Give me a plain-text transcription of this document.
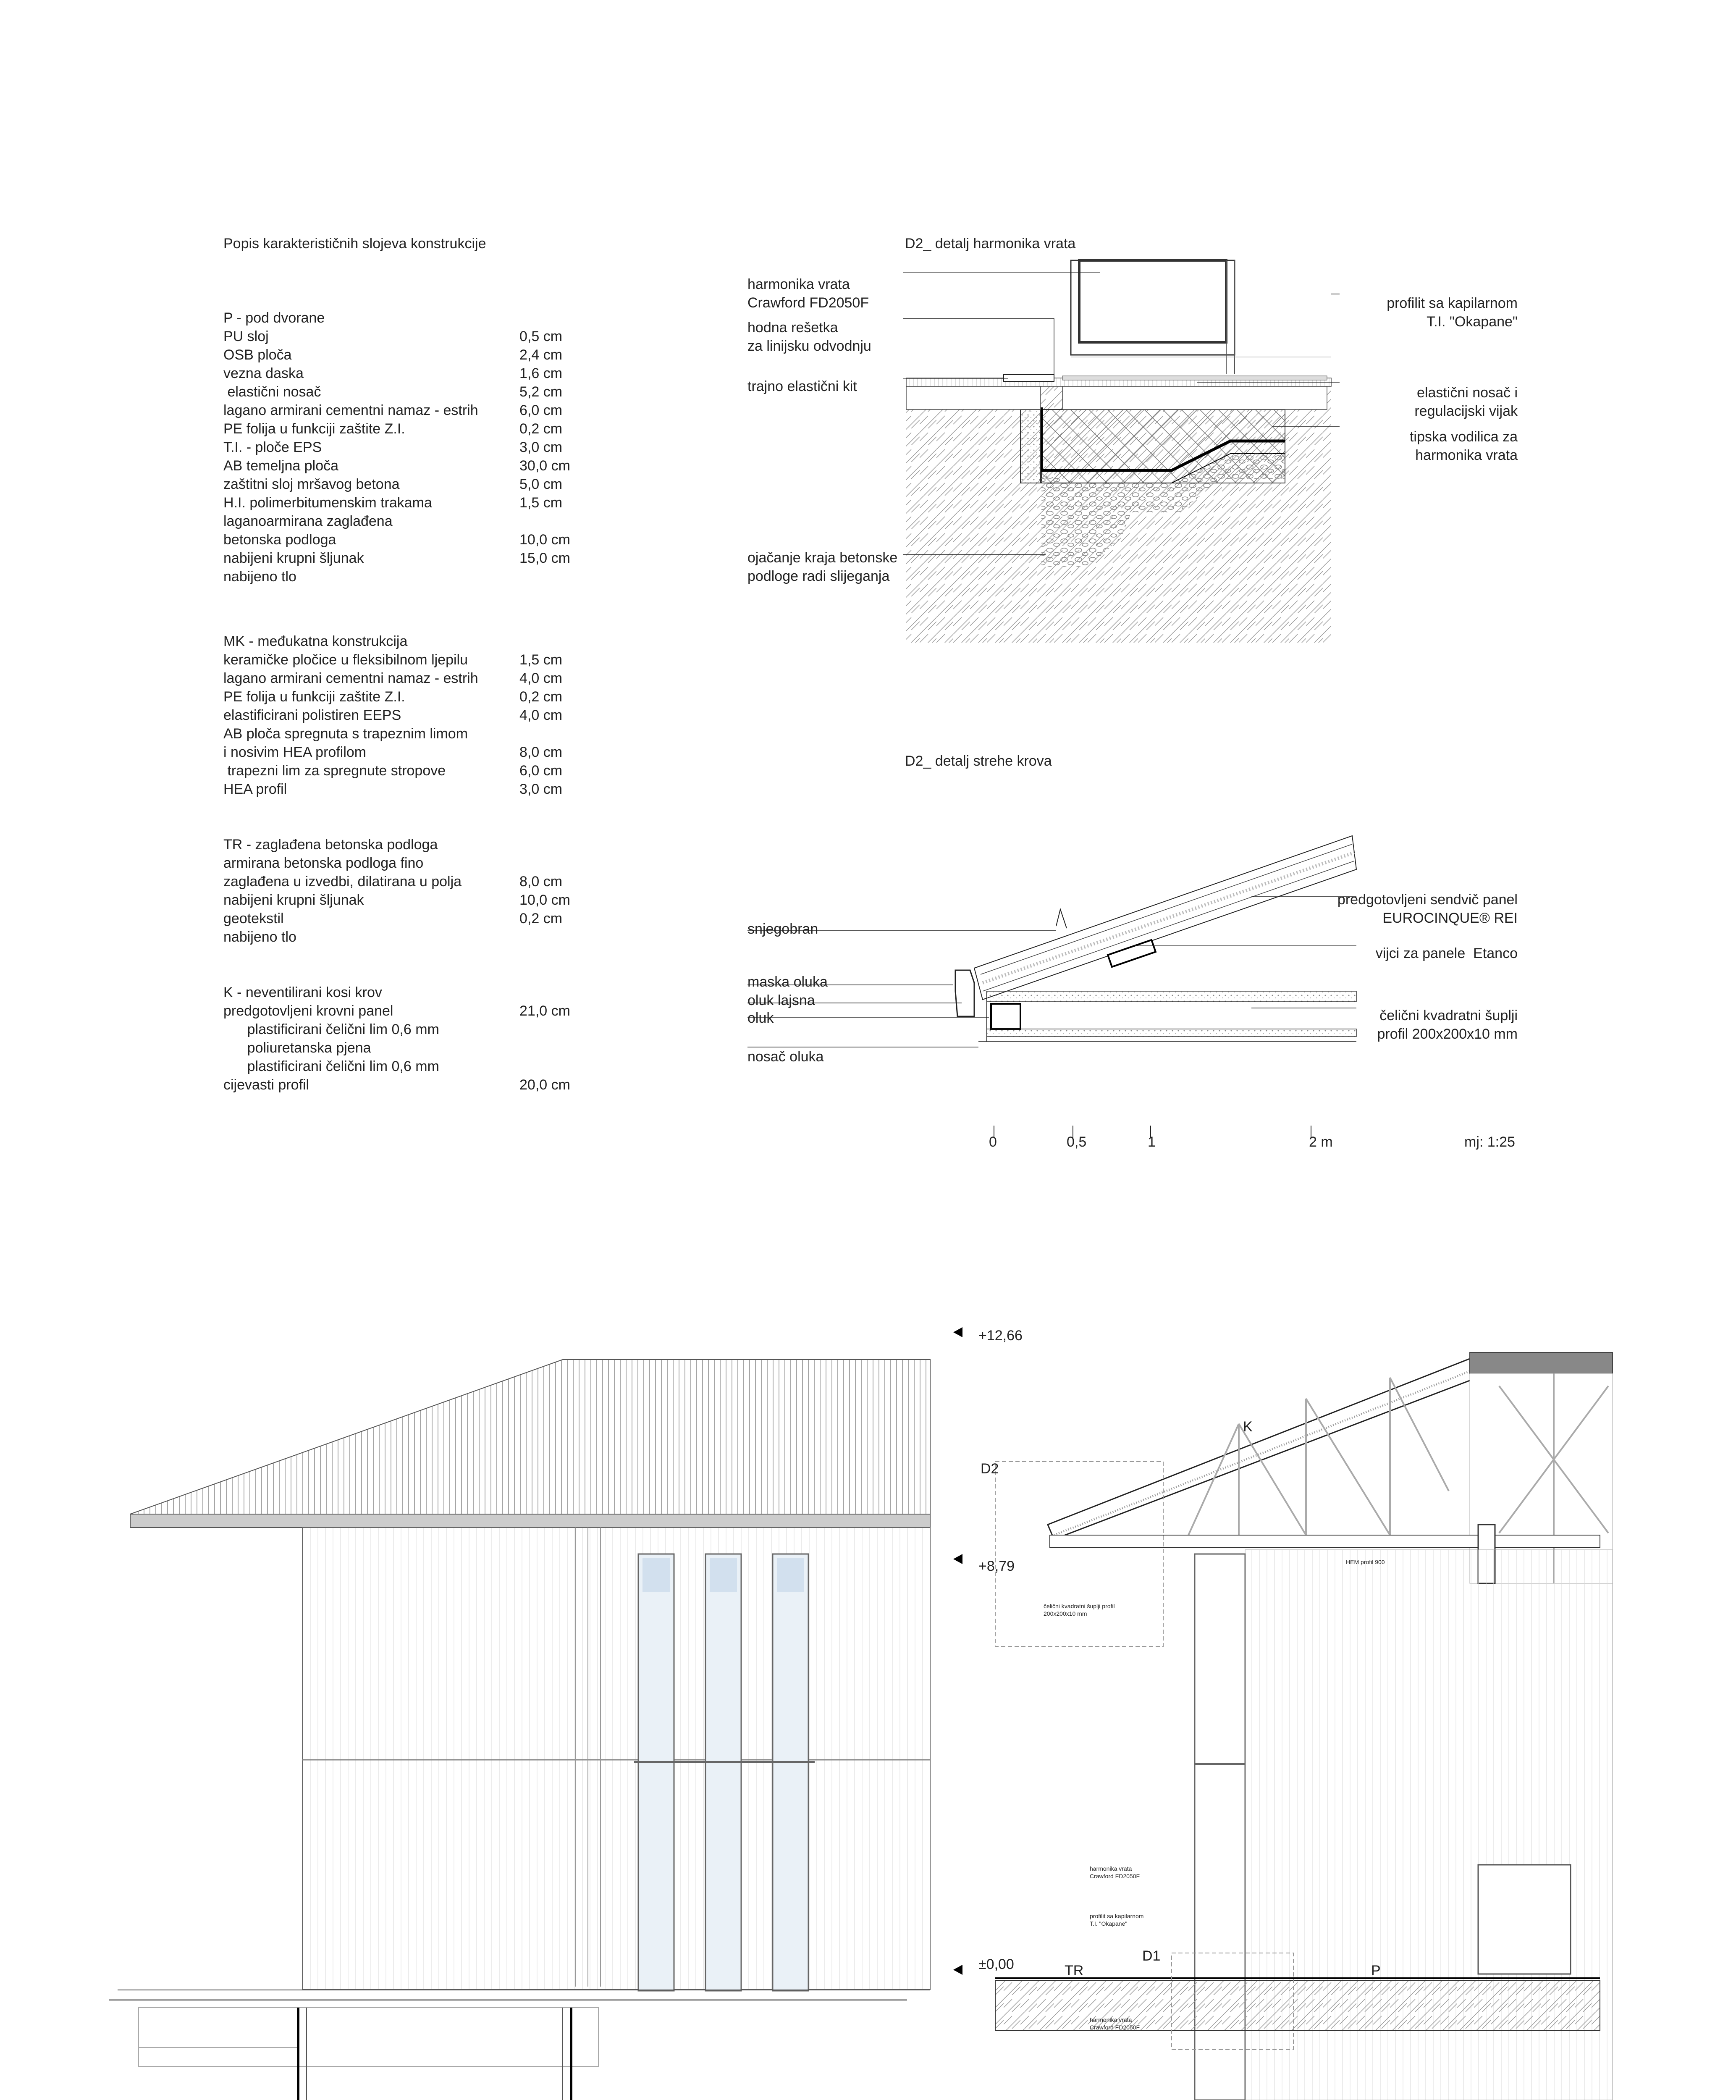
Popis karakterističnih slojeva konstrukcije
P - pod dvorane
PU sloj	0,5 cm
OSB ploča	2,4 cm
vezna daska	1,6 cm
elastični nosač	5,2 cm
lagano armirani cementni namaz - estrih	6,0 cm
PE folija u funkciji zaštite Z.I.	0,2 cm
T.I. - ploče EPS	3,0 cm
AB temeljna ploča	30,0 cm
zaštitni sloj mršavog betona	5,0 cm
H.I. polimerbitumenskim trakama	1,5 cm
laganoarmirana zaglađena
betonska podloga	10,0 cm
nabijeni krupni šljunak	15,0 cm
nabijeno tlo
MK - međukatna konstrukcija
keramičke pločice u fleksibilnom ljepilu	1,5 cm
lagano armirani cementni namaz - estrih	4,0 cm
PE folija u funkciji zaštite Z.I.	0,2 cm
elastificirani polistiren EEPS	4,0 cm
AB ploča spregnuta s trapeznim limom
i nosivim HEA profilom	8,0 cm
trapezni lim za spregnute stropove	6,0 cm
HEA profil	3,0 cm
TR - zaglađena betonska podloga
armirana betonska podloga fino
zaglađena u izvedbi, dilatirana u polja	8,0 cm
nabijeni krupni šljunak	10,0 cm
geotekstil	0,2 cm
nabijeno tlo
K - neventilirani kosi krov
predgotovljeni krovni panel	21,0 cm
plastificirani čelični lim 0,6 mm
poliuretanska pjena
plastificirani čelični lim 0,6 mm
cijevasti profil	20,0 cm
D2_ detalj harmonika vrata
harmonika vrata
Crawford FD2050F
hodna rešetka
za linijsku odvodnju
trajno elastični kit
ojačanje kraja betonske
podloge radi slijeganja
profilit sa kapilarnom
T.I. "Okapane"
elastični nosač i
regulacijski vijak
tipska vodilica za
harmonika vrata
D2_ detalj strehe krova
snjegobran
maska oluka
oluk lajsna
oluk
nosač oluka
predgotovljeni sendvič panel
EUROCINQUE® REI
vijci za panele  Etanco
čelični kvadratni šuplji
profil 200x200x10 mm
0	0,5	1	2 m	mj: 1:25
+12,66
+8,79
±0,00
K
D2
D1
TR	P
čelični kvadratni šuplji profil
200x200x10 mm
HEM profil 900
harmonika vrata
Crawford FD2050F
profilit sa kapilarnom
T.I. "Okapane"
harmonika vrata
Crawford FD2050F
